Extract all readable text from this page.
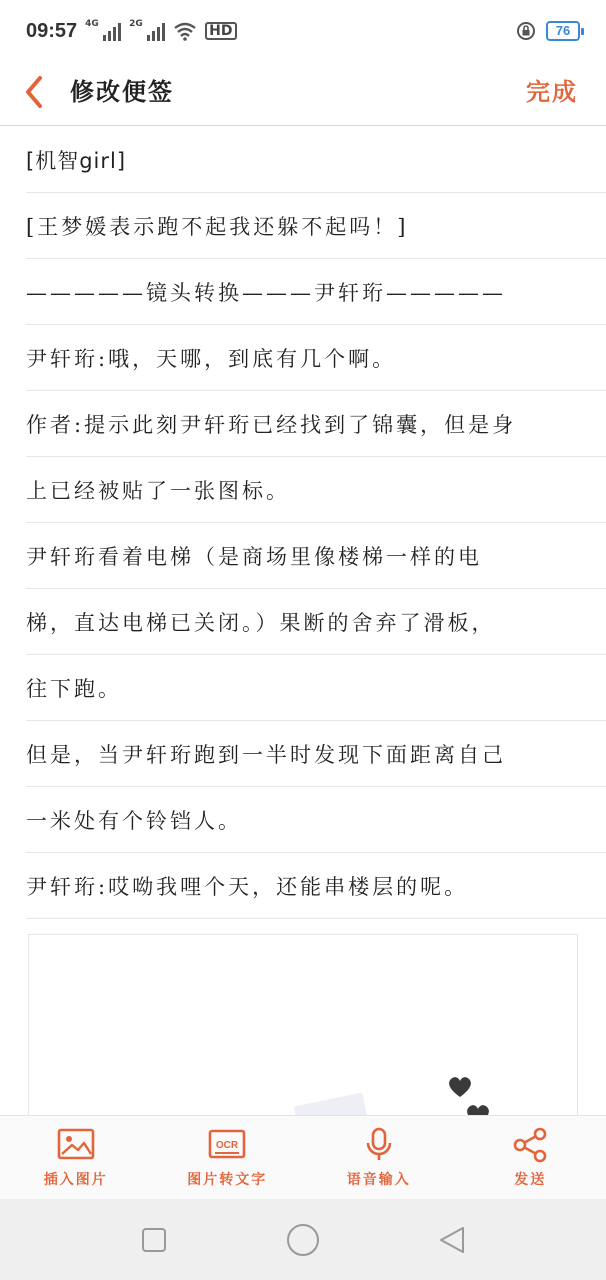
09:57 4G	2G	HD	76
修改便签	完成
[机智girl]
[王梦媛表示跑不起我还躲不起吗！]
—————镜头转换———尹轩珩—————
尹轩珩:哦，天哪，到底有几个啊。
作者:提示此刻尹轩珩已经找到了锦囊，但是身
上已经被贴了一张图标。
尹轩珩看着电梯（是商场里像楼梯一样的电
梯，直达电梯已关闭。）果断的舍弃了滑板，
往下跑。
但是，当尹轩珩跑到一半时发现下面距离自己
一米处有个铃铛人。
尹轩珩:哎呦我哩个天，还能串楼层的呢。
插入图片
OCR
图片转文字	语音输入	发送
